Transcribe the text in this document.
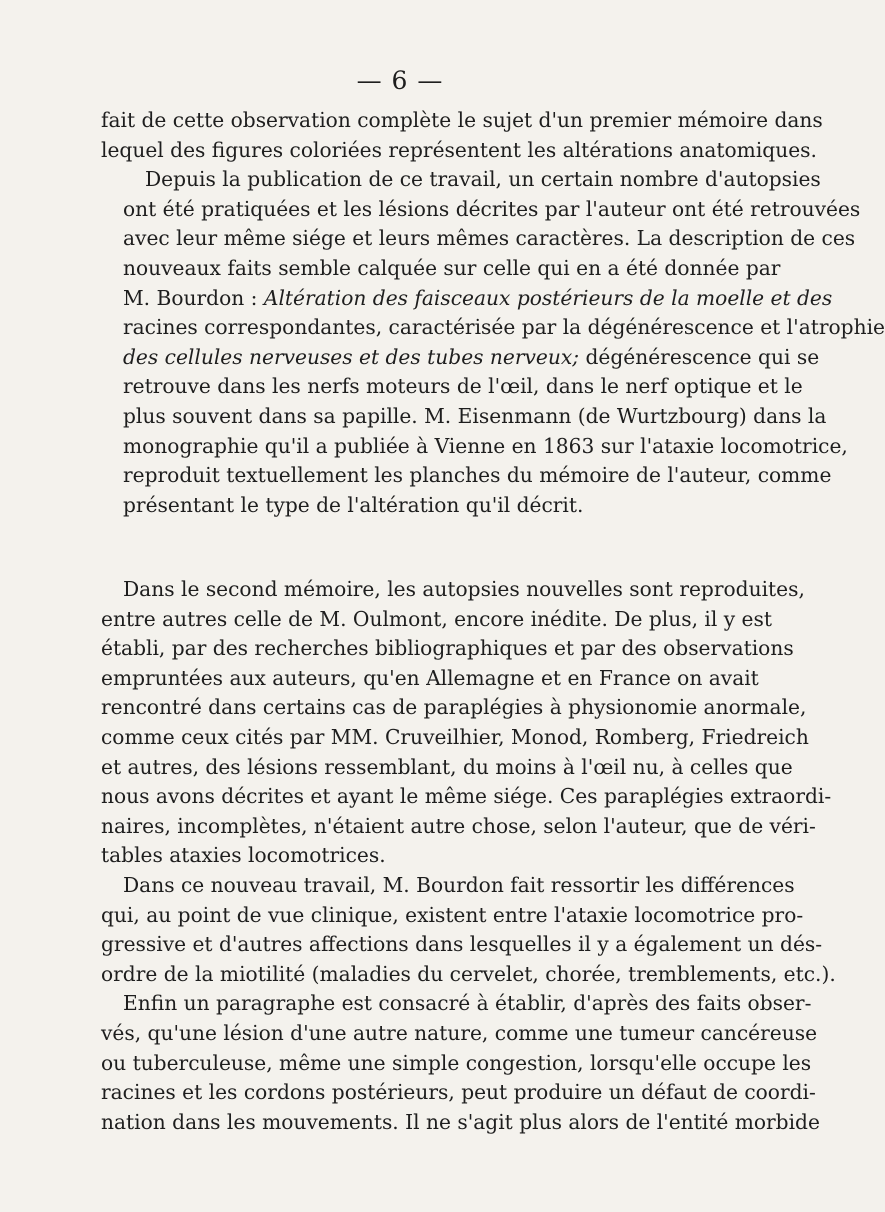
— 6 —

fait de cette observation complète le sujet d'un premier mémoire dans
lequel des figures coloriées représentent les altérations anatomiques.

Depuis la publication de ce travail, un certain nombre d'autopsies
ont été pratiquées et les lésions décrites par l'auteur ont été retrouvées
avec leur même siége et leurs mêmes caractères. La description de ces
nouveaux faits semble calquée sur celle qui en a été donnée par
M. Bourdon : Altération des faisceaux postérieurs de la moelle et des
racines correspondantes, caractérisée par la dégénérescence et l'atrophie
des cellules nerveuses et des tubes nerveux; dégénérescence qui se
retrouve dans les nerfs moteurs de l'œil, dans le nerf optique et le
plus souvent dans sa papille. M. Eisenmann (de Wurtzbourg) dans la
monographie qu'il a publiée à Vienne en 1863 sur l'ataxie locomotrice,
reproduit textuellement les planches du mémoire de l'auteur, comme
présentant le type de l'altération qu'il décrit.

Dans le second mémoire, les autopsies nouvelles sont reproduites,
entre autres celle de M. Oulmont, encore inédite. De plus, il y est
établi, par des recherches bibliographiques et par des observations
empruntées aux auteurs, qu'en Allemagne et en France on avait
rencontré dans certains cas de paraplégies à physionomie anormale,
comme ceux cités par MM. Cruveilhier, Monod, Romberg, Friedreich
et autres, des lésions ressemblant, du moins à l'œil nu, à celles que
nous avons décrites et ayant le même siége. Ces paraplégies extraordi-
naires, incomplètes, n'étaient autre chose, selon l'auteur, que de véri-
tables ataxies locomotrices.

Dans ce nouveau travail, M. Bourdon fait ressortir les différences
qui, au point de vue clinique, existent entre l'ataxie locomotrice pro-
gressive et d'autres affections dans lesquelles il y a également un dés-
ordre de la miotilité (maladies du cervelet, chorée, tremblements, etc.).

Enfin un paragraphe est consacré à établir, d'après des faits obser-
vés, qu'une lésion d'une autre nature, comme une tumeur cancéreuse
ou tuberculeuse, même une simple congestion, lorsqu'elle occupe les
racines et les cordons postérieurs, peut produire un défaut de coordi-
nation dans les mouvements. Il ne s'agit plus alors de l'entité morbide
